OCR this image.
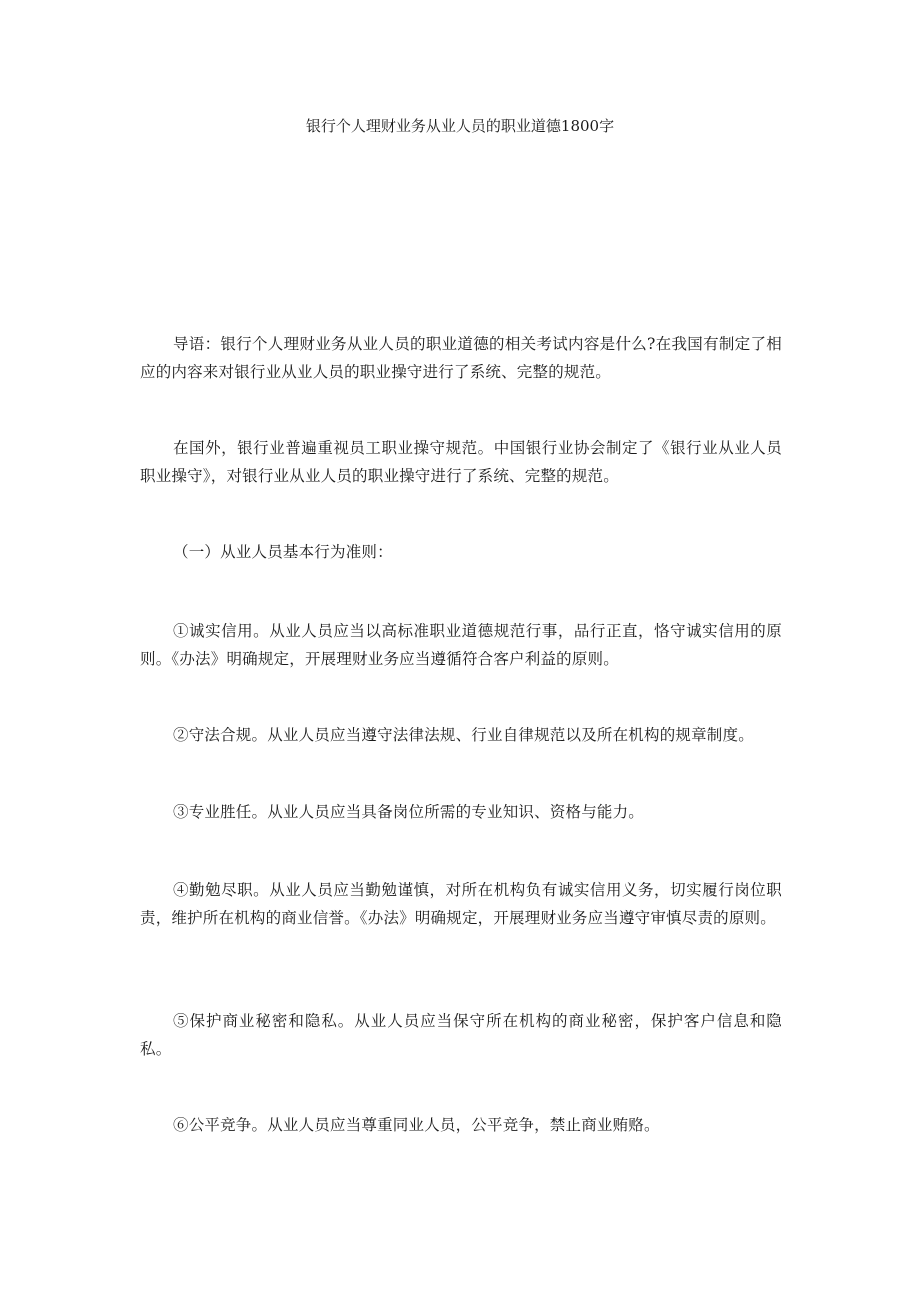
银行个人理财业务从业人员的职业道德1800字

导语：银行个人理财业务从业人员的职业道德的相关考试内容是什么?在我国有制定了相应的内容来对银行业从业人员的职业操守进行了系统、完整的规范。

在国外，银行业普遍重视员工职业操守规范。中国银行业协会制定了《银行业从业人员职业操守》，对银行业从业人员的职业操守进行了系统、完整的规范。

（一）从业人员基本行为准则：

①诚实信用。从业人员应当以高标准职业道德规范行事，品行正直，恪守诚实信用的原则。《办法》明确规定，开展理财业务应当遵循符合客户利益的原则。

②守法合规。从业人员应当遵守法律法规、行业自律规范以及所在机构的规章制度。

③专业胜任。从业人员应当具备岗位所需的专业知识、资格与能力。

④勤勉尽职。从业人员应当勤勉谨慎，对所在机构负有诚实信用义务，切实履行岗位职责，维护所在机构的商业信誉。《办法》明确规定，开展理财业务应当遵守审慎尽责的原则。

⑤保护商业秘密和隐私。从业人员应当保守所在机构的商业秘密，保护客户信息和隐私。

⑥公平竞争。从业人员应当尊重同业人员，公平竞争，禁止商业贿赂。
